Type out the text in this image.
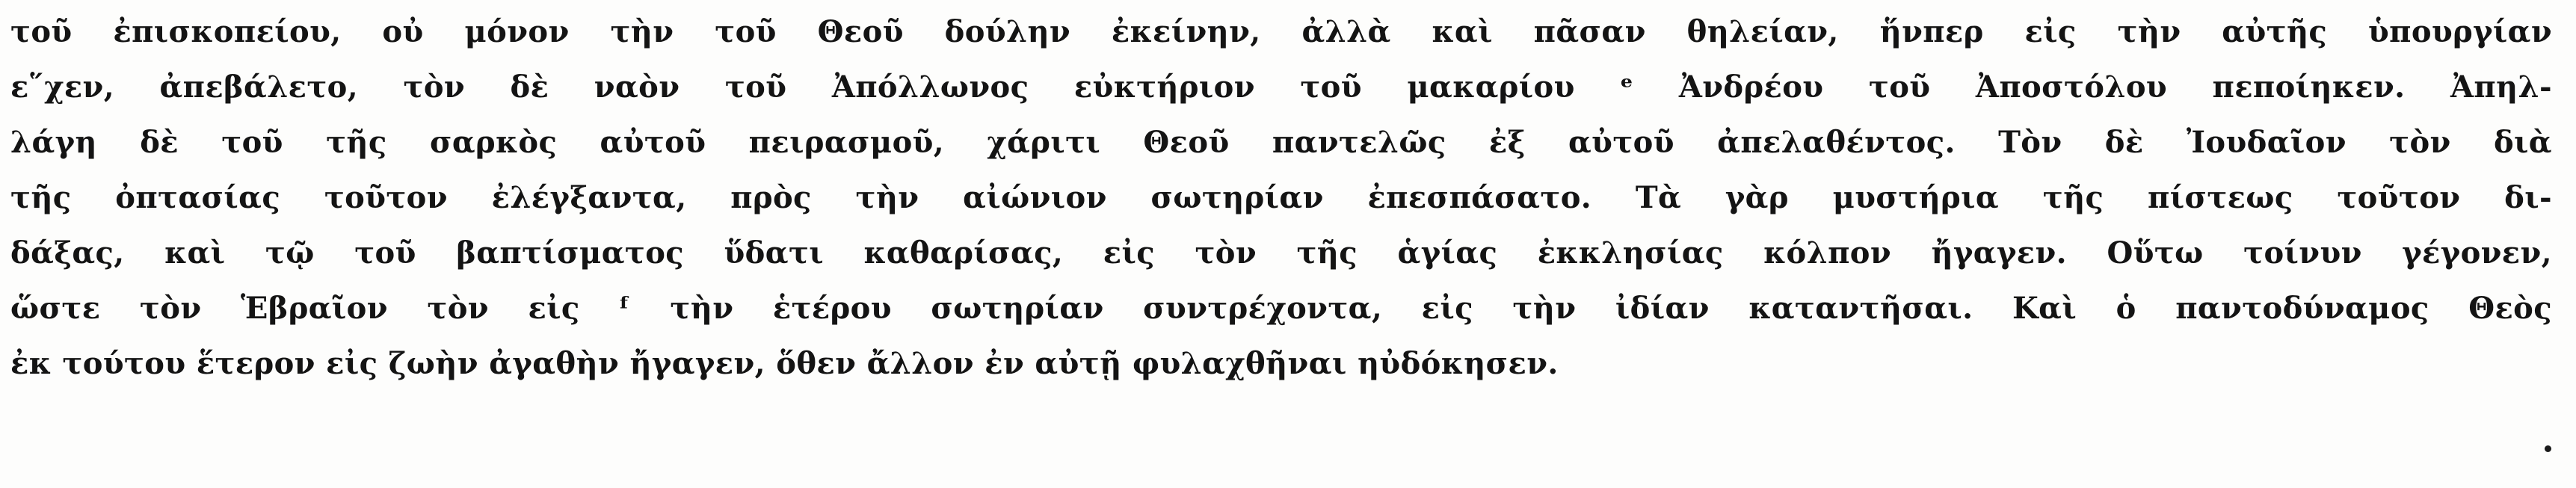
τοῦ ἐπισκοπείου, οὐ μόνον τὴν τοῦ Θεοῦ δούλην ἐκείνην, ἀλλὰ καὶ πᾶσαν θηλείαν, ἥνπερ εἰς τὴν αὐτῆς ὑπουργίαν
ε῞χεν, ἀπεβάλετο, τὸν δὲ ναὸν τοῦ Ἀπόλλωνος εὐκτήριον τοῦ μακαρίου ᵉ Ἀνδρέου τοῦ Ἀποστόλου πεποίηκεν. Ἀπηλ-
λάγη δὲ τοῦ τῆς σαρκὸς αὐτοῦ πειρασμοῦ, χάριτι Θεοῦ παντελῶς ἐξ αὐτοῦ ἀπελαθέντος. Τὸν δὲ Ἰουδαῖον τὸν διὰ
τῆς ὀπτασίας τοῦτον ἐλέγξαντα, πρὸς τὴν αἰώνιον σωτηρίαν ἐπεσπάσατο. Τὰ γὰρ μυστήρια τῆς πίστεως τοῦτον δι-
δάξας, καὶ τῷ τοῦ βαπτίσματος ὕδατι καθαρίσας, εἰς τὸν τῆς ἁγίας ἐκκλησίας κόλπον ἤγαγεν. Οὕτω τοίνυν γέγονεν,
ὥστε τὸν Ἑβραῖον τὸν εἰς ᶠ τὴν ἑτέρου σωτηρίαν συντρέχοντα, εἰς τὴν ἰδίαν καταντῆσαι. Καὶ ὁ παντοδύναμος Θεὸς
ἐκ τούτου ἕτερον εἰς ζωὴν ἀγαθὴν ἤγαγεν, ὅθεν ἄλλον ἐν αὐτῇ φυλαχθῆναι ηὐδόκησεν.
